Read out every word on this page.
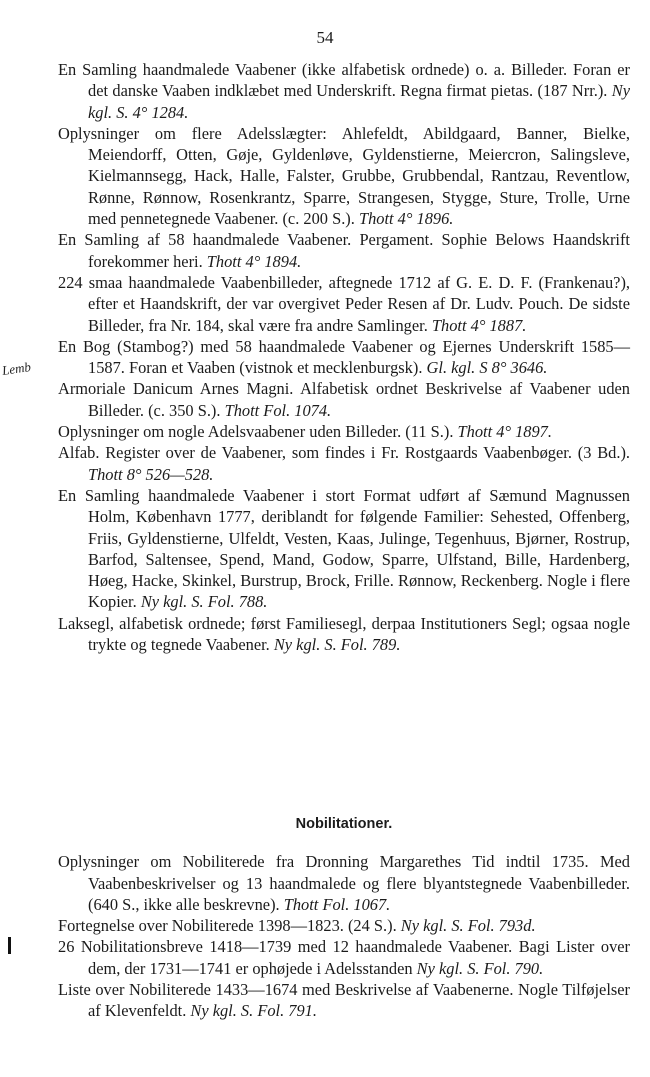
54

En Samling haandmalede Vaabener (ikke alfabetisk ordnede) o. a. Billeder. Foran er det danske Vaaben indklæbet med Underskrift. Regna firmat pietas. (187 Nrr.). Ny kgl. S. 4° 1284.

Oplysninger om flere Adelsslægter: Ahlefeldt, Abildgaard, Banner, Bielke, Meiendorff, Otten, Gøje, Gyldenløve, Gyldenstierne, Meiercron, Salingsleve, Kielmannsegg, Hack, Halle, Falster, Grubbe, Grubbendal, Rantzau, Reventlow, Rønne, Rønnow, Rosenkrantz, Sparre, Strangesen, Stygge, Sture, Trolle, Urne med pennetegnede Vaabener. (c. 200 S.). Thott 4° 1896.

En Samling af 58 haandmalede Vaabener. Pergament. Sophie Belows Haandskrift forekommer heri. Thott 4° 1894.

224 smaa haandmalede Vaabenbilleder, aftegnede 1712 af G. E. D. F. (Frankenau?), efter et Haandskrift, der var overgivet Peder Resen af Dr. Ludv. Pouch. De sidste Billeder, fra Nr. 184, skal være fra andre Samlinger. Thott 4° 1887.

Lemb
En Bog (Stambog?) med 58 haandmalede Vaabener og Ejernes Underskrift 1585—1587. Foran et Vaaben (vistnok et mecklenburgsk). Gl. kgl. S 8° 3646.

Armoriale Danicum Arnes Magni. Alfabetisk ordnet Beskrivelse af Vaabener uden Billeder. (c. 350 S.). Thott Fol. 1074.

Oplysninger om nogle Adelsvaabener uden Billeder. (11 S.). Thott 4° 1897.

Alfab. Register over de Vaabener, som findes i Fr. Rostgaards Vaabenbøger. (3 Bd.). Thott 8° 526—528.

En Samling haandmalede Vaabener i stort Format udført af Sæmund Magnussen Holm, København 1777, deriblandt for følgende Familier: Sehested, Offenberg, Friis, Gyldenstierne, Ulfeldt, Vesten, Kaas, Julinge, Tegenhuus, Bjørner, Rostrup, Barfod, Saltensee, Spend, Mand, Godow, Sparre, Ulfstand, Bille, Hardenberg, Høeg, Hacke, Skinkel, Burstrup, Brock, Frille. Rønnow, Reckenberg. Nogle i flere Kopier. Ny kgl. S. Fol. 788.

Laksegl, alfabetisk ordnede; først Familiesegl, derpaa Institutioners Segl; ogsaa nogle trykte og tegnede Vaabener. Ny kgl. S. Fol. 789.

Nobilitationer.

Oplysninger om Nobiliterede fra Dronning Margarethes Tid indtil 1735. Med Vaabenbeskrivelser og 13 haandmalede og flere blyantstegnede Vaabenbilleder. (640 S., ikke alle beskrevne). Thott Fol. 1067.

Fortegnelse over Nobiliterede 1398—1823. (24 S.). Ny kgl. S. Fol. 793d.

26 Nobilitationsbreve 1418—1739 med 12 haandmalede Vaabener. Bagi Lister over dem, der 1731—1741 er ophøjede i Adelsstanden Ny kgl. S. Fol. 790.

Liste over Nobiliterede 1433—1674 med Beskrivelse af Vaabenerne. Nogle Tilføjelser af Klevenfeldt. Ny kgl. S. Fol. 791.
